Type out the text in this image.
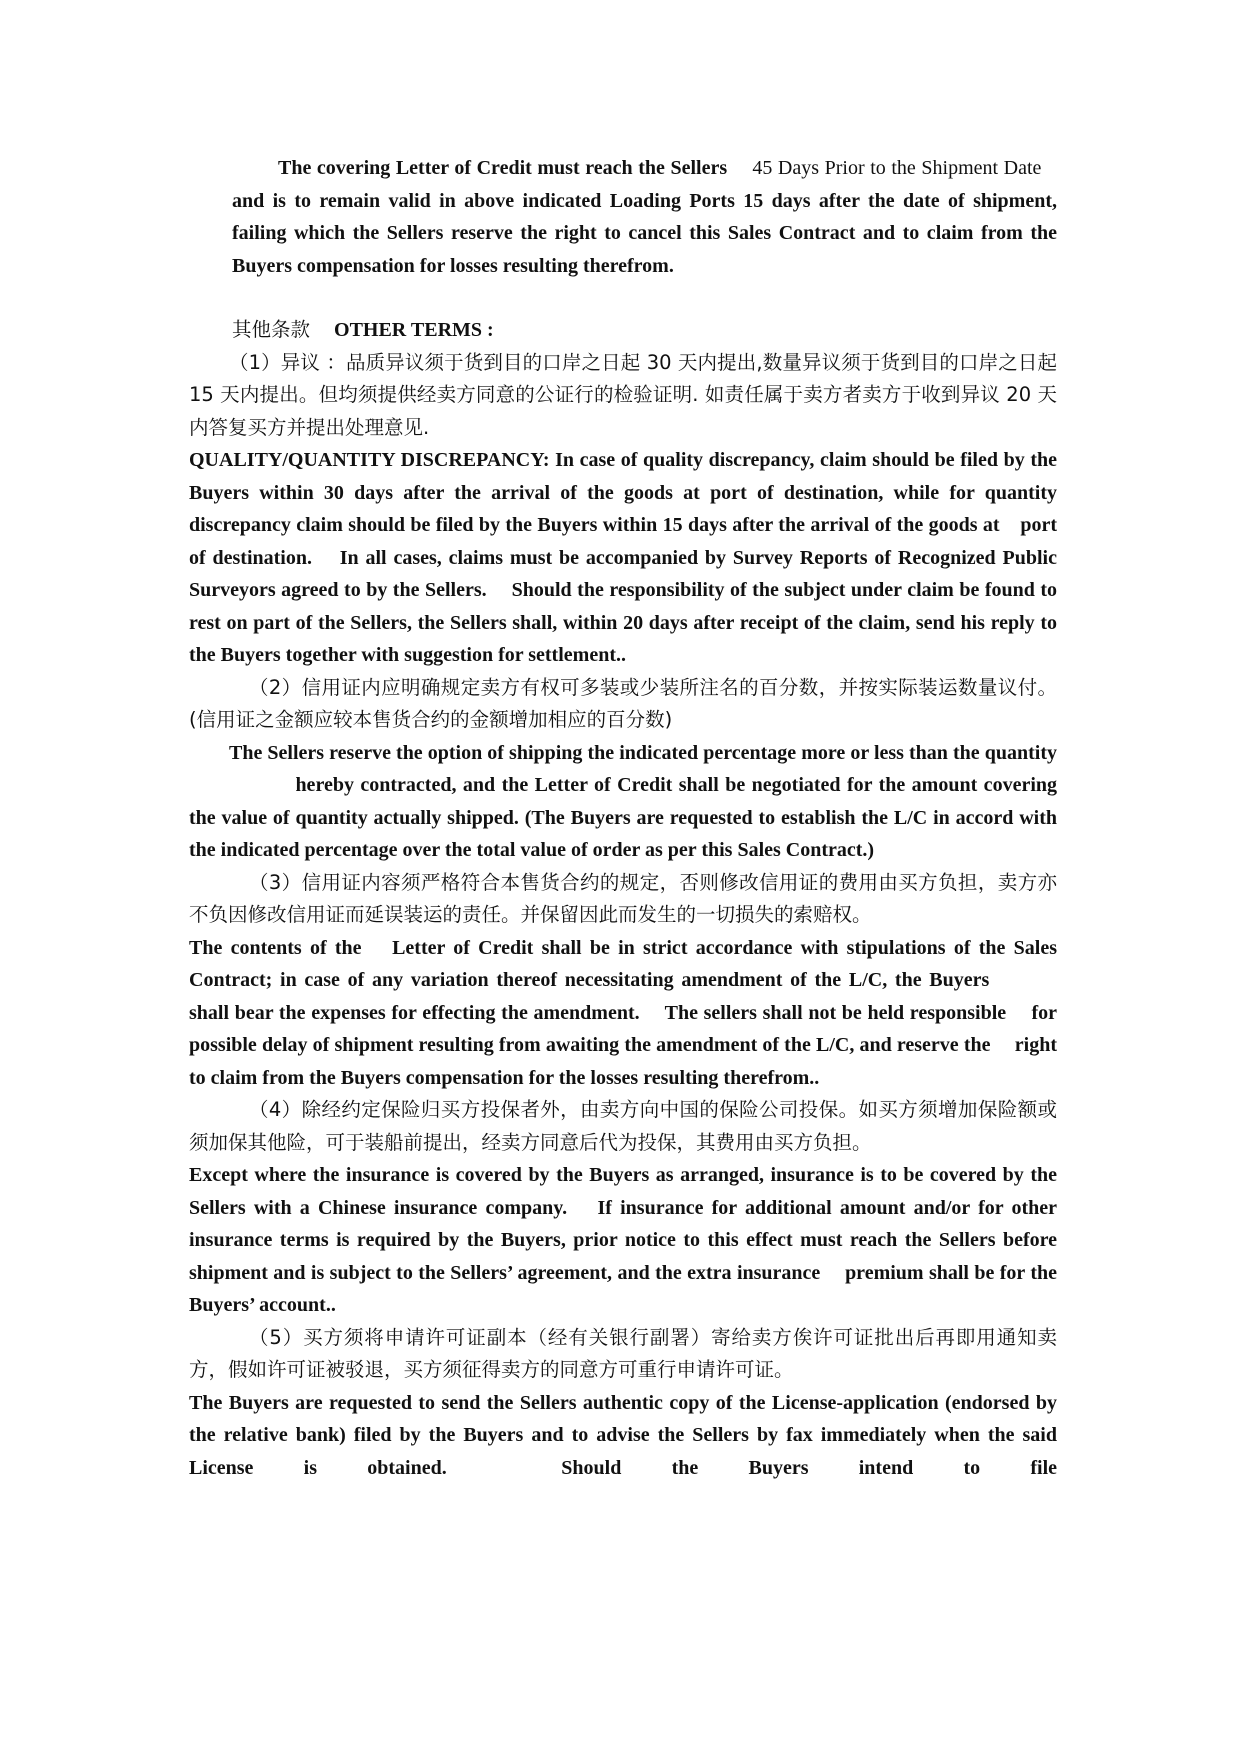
The covering Letter of Credit must reach the Sellers 45 Days Prior to the Shipment Date  and is to remain valid in above indicated Loading Ports 15 days after the date of shipment, failing which the Sellers reserve the right to cancel this Sales Contract and to claim from the Buyers compensation for losses resulting therefrom.

其他条款 OTHER TERMS :

（1）异议 ：品质异议须于货到目的口岸之日起 30 天内提出,数量异议须于货到目的口岸之日起 15 天内提出。但均须提供经卖方同意的公证行的检验证明. 如责任属于卖方者卖方于收到异议 20 天内答复买方并提出处理意见.

QUALITY/QUANTITY DISCREPANCY: In case of quality discrepancy, claim should be filed by the Buyers within 30 days after the arrival of the goods at port of destination, while for quantity discrepancy claim should be filed by the Buyers within 15 days after the arrival of the goods at port of destination. In all cases, claims must be accompanied by Survey Reports of Recognized Public Surveyors agreed to by the Sellers. Should the responsibility of the subject under claim be found to rest on part of the Sellers, the Sellers shall, within 20 days after receipt of the claim, send his reply to the Buyers together with suggestion for settlement..

（2）信用证内应明确规定卖方有权可多装或少装所注名的百分数，并按实际装运数量议付。(信用证之金额应较本售货合约的金额增加相应的百分数)

The Sellers reserve the option of shipping the indicated percentage more or less than the quantity  hereby contracted, and the Letter of Credit shall be negotiated for the amount covering the value of quantity actually shipped. (The Buyers are requested to establish the L/C in accord with the indicated percentage over the total value of order as per this Sales Contract.)

（3）信用证内容须严格符合本售货合约的规定，否则修改信用证的费用由买方负担，卖方亦不负因修改信用证而延误装运的责任。并保留因此而发生的一切损失的索赔权。

The contents of the Letter of Credit shall be in strict accordance with stipulations of the Sales Contract; in case of any variation thereof necessitating amendment of the L/C, the Buyers  shall bear the expenses for effecting the amendment. The sellers shall not be held responsible for possible delay of shipment resulting from awaiting the amendment of the L/C, and reserve the right to claim from the Buyers compensation for the losses resulting therefrom..

（4）除经约定保险归买方投保者外，由卖方向中国的保险公司投保。如买方须增加保险额或须加保其他险，可于装船前提出，经卖方同意后代为投保，其费用由买方负担。

Except where the insurance is covered by the Buyers as arranged, insurance is to be covered by the Sellers with a Chinese insurance company. If insurance for additional amount and/or for other insurance terms is required by the Buyers, prior notice to this effect must reach the Sellers before shipment and is subject to the Sellers’ agreement, and the extra insurance premium shall be for the Buyers’ account..

（5）买方须将申请许可证副本（经有关银行副署）寄给卖方俟许可证批出后再即用通知卖方，假如许可证被驳退，买方须征得卖方的同意方可重行申请许可证。

The Buyers are requested to send the Sellers authentic copy of the License-application (endorsed by the relative bank) filed by the Buyers and to advise the Sellers by fax immediately when the said License is obtained.	Should the Buyers intend to file
